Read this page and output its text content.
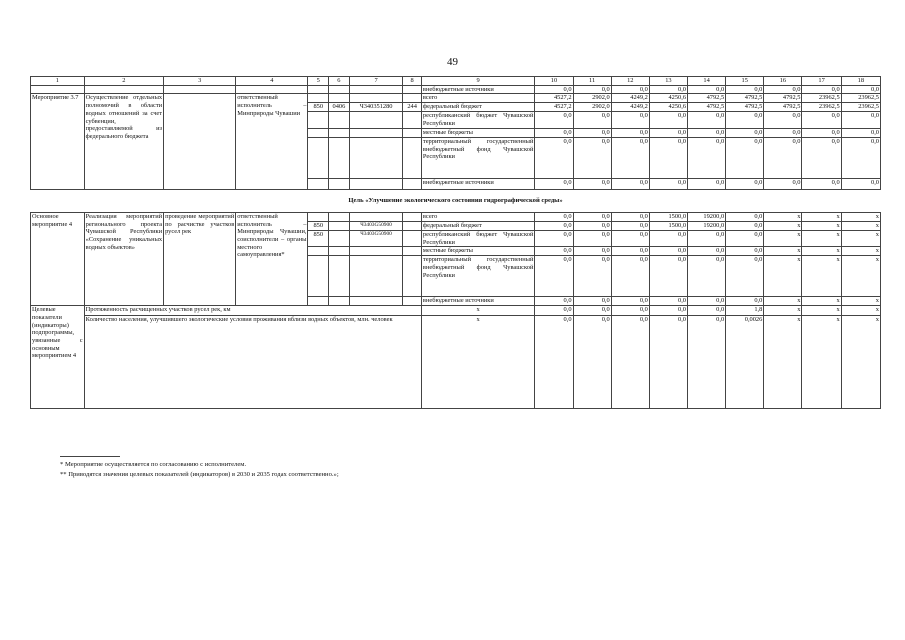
49
1	2	3	4	5	6	7	8	9	10	11	12	13	14	15	16	17	18
								внебюджетные источники	0,0	0,0	0,0	0,0	0,0	0,0	0,0	0,0	0,0
Мероприятие 3.7	Осуществление отдельных полномочий в области водных отношений за счет субвенции, предоставляемой из федерального бюджета		ответственный исполнитель – Минприроды Чувашии					всего	4527,2	2902,0	4249,2	4250,6	4792,5	4792,5	4792,5	23962,5	23962,5
				850	0406	Ч340351280	244	федеральный бюджет	4527,2	2902,0	4249,2	4250,6	4792,5	4792,5	4792,5	23962,5	23962,5
								республиканский бюджет Чувашской Республики	0,0	0,0	0,0	0,0	0,0	0,0	0,0	0,0	0,0
								местные бюджеты	0,0	0,0	0,0	0,0	0,0	0,0	0,0	0,0	0,0
								территориальный государственный внебюджетный фонд Чувашской Республики	0,0	0,0	0,0	0,0	0,0	0,0	0,0	0,0	0,0
								внебюджетные источники	0,0	0,0	0,0	0,0	0,0	0,0	0,0	0,0	0,0
Цель «Улучшение экологического состояния гидрографической среды»																	
Основное мероприятие 4	Реализация мероприятий регионального проекта Чувашской Республики «Сохранение уникальных водных объектов»	проведение мероприятий по расчистке участков русел рек	ответственный исполнитель – Минприроды Чувашии, соисполнители – органы местного самоуправления*					всего	0,0	0,0	0,0	1500,0	19200,0	0,0	x	x	x
				850		Ч3403G50900		федеральный бюджет	0,0	0,0	0,0	1500,0	19200,0	0,0	x	x	x
				850		Ч3403G50900		республиканский бюджет Чувашской Республики	0,0	0,0	0,0	0,0	0,0	0,0	x	x	x
								местные бюджеты	0,0	0,0	0,0	0,0	0,0	0,0	x	x	x
								территориальный государственный внебюджетный фонд Чувашской Республики	0,0	0,0	0,0	0,0	0,0	0,0	x	x	x
								внебюджетные источники	0,0	0,0	0,0	0,0	0,0	0,0	x	x	x
Целевые показатели (индикаторы) подпрограммы, увязанные с основным мероприятием 4	Протяженность расчищенных участков русел рек, км							x	0,0	0,0	0,0	0,0	0,0	1,8	x	x	x
	Количество населения, улучшившего экологические условия проживания вблизи водных объектов, млн. человек							x	0,0	0,0	0,0	0,0	0,0	0,0026	x	x	x
* Мероприятие осуществляется по согласованию с исполнителем.
** Приводятся значения целевых показателей (индикаторов) в 2030 и 2035 годах соответственно.»;
